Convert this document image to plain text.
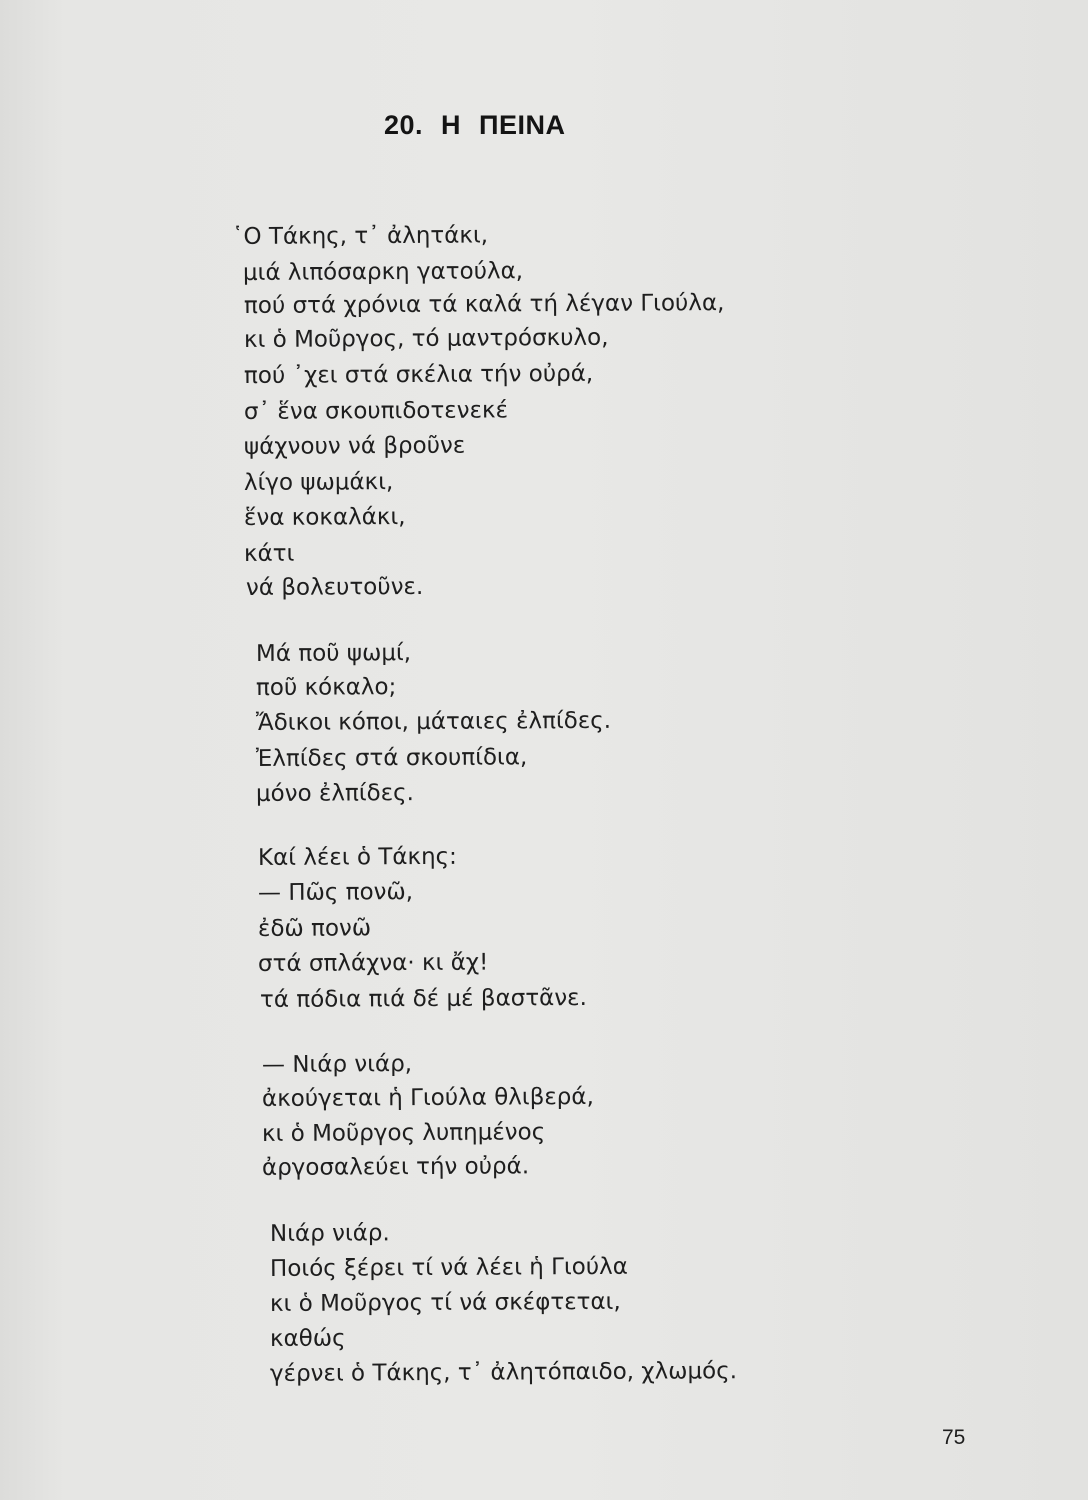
20. Η ΠΕΙΝΑ
῾Ο Τάκης, τ᾿ ἀλητάκι,
μιά λιπόσαρκη γατούλα,
πού στά χρόνια τά καλά τή λέγαν Γιούλα,
κι ὁ Μοῦργος, τό μαντρόσκυλο,
πού ᾽χει στά σκέλια τήν οὐρά,
σ᾿ ἕνα σκουπιδοτενεκέ
ψάχνουν νά βροῦνε
λίγο ψωμάκι,
ἕνα κοκαλάκι,
κάτι
νά βολευτοῦνε.
Μά ποῦ ψωμί,
ποῦ κόκαλο;
Ἄδικοι κόποι, μάταιες ἐλπίδες.
Ἐλπίδες στά σκουπίδια,
μόνο ἐλπίδες.
Καί λέει ὁ Τάκης:
— Πῶς πονῶ,
ἐδῶ πονῶ
στά σπλάχνα· κι ἄχ!
τά πόδια πιά δέ μέ βαστᾶνε.
— Νιάρ νιάρ,
ἀκούγεται ἡ Γιούλα θλιβερά,
κι ὁ Μοῦργος λυπημένος
ἀργοσαλεύει τήν οὐρά.
Νιάρ νιάρ.
Ποιός ξέρει τί νά λέει ἡ Γιούλα
κι ὁ Μοῦργος τί νά σκέφτεται,
καθώς
γέρνει ὁ Τάκης, τ᾿ ἀλητόπαιδο, χλωμός.
75
